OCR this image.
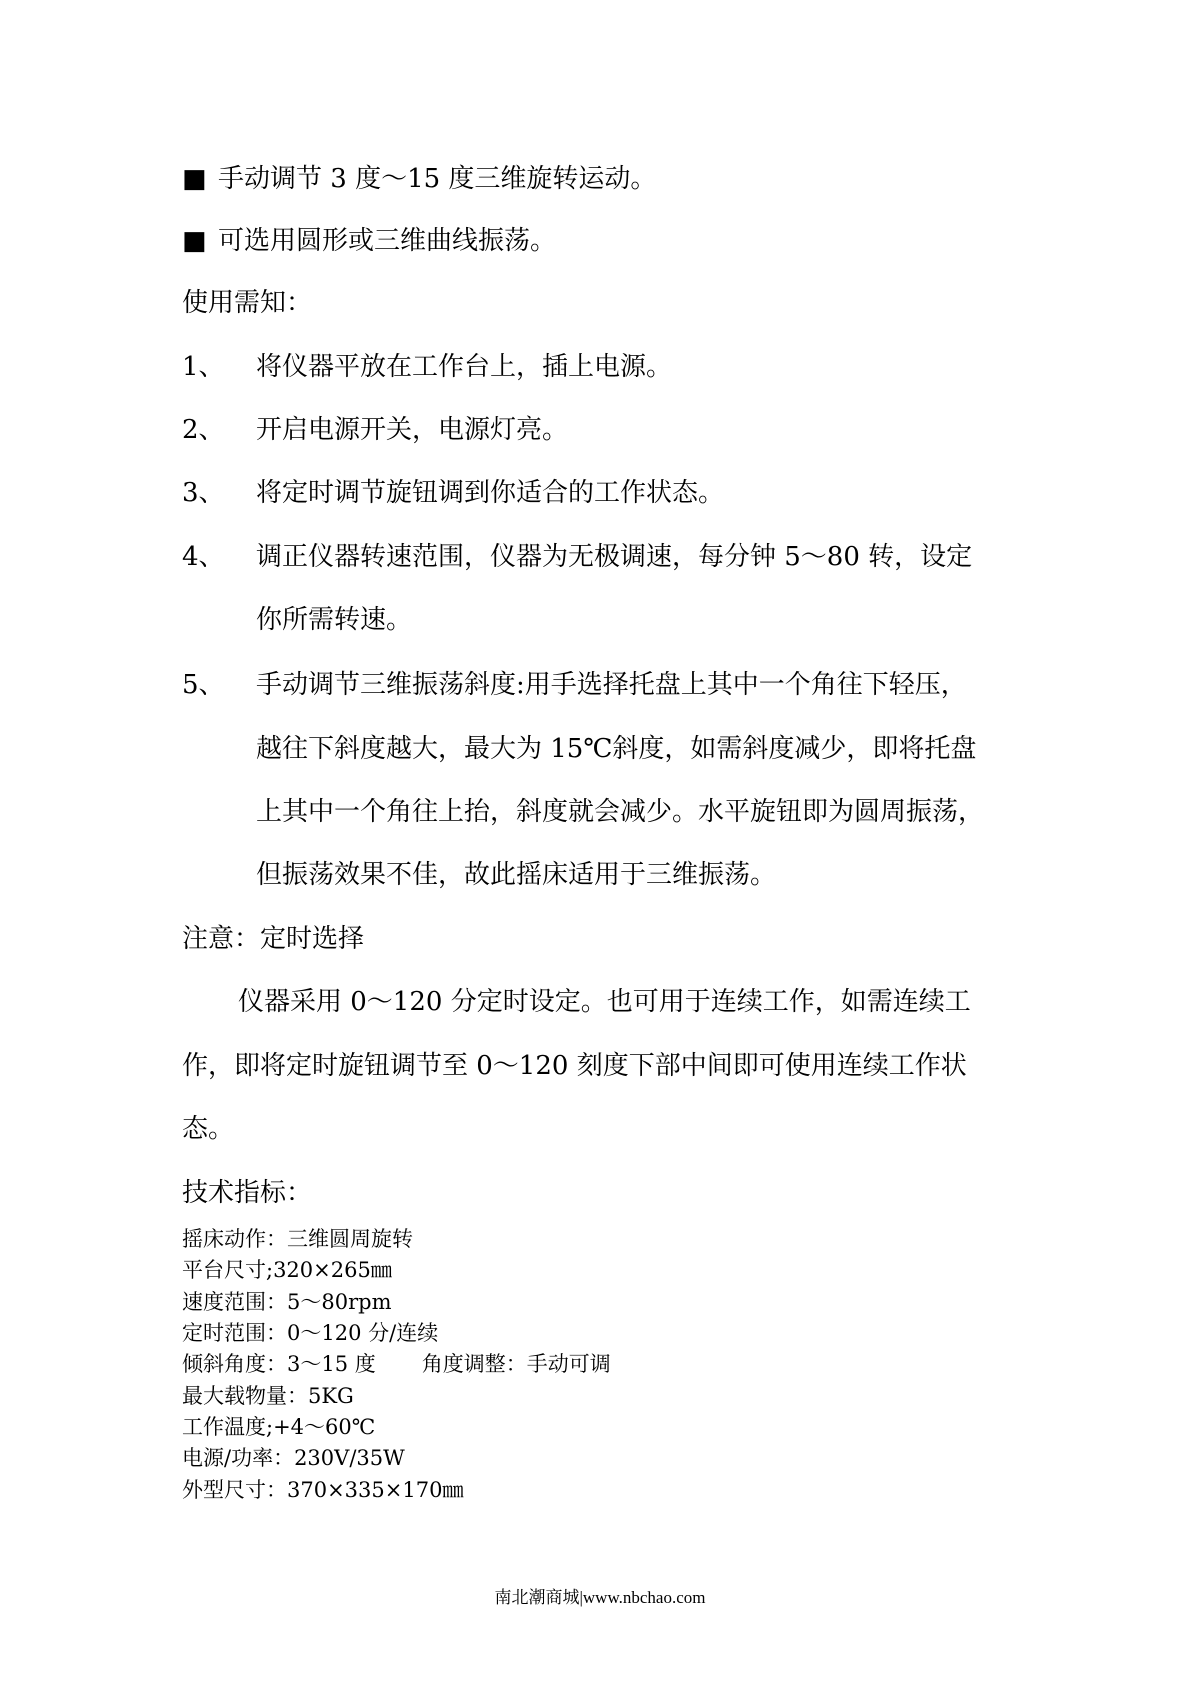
■ 手动调节 3 度～15 度三维旋转运动。
■ 可选用圆形或三维曲线振荡。
使用需知：
1、 将仪器平放在工作台上，插上电源。
2、 开启电源开关，电源灯亮。
3、 将定时调节旋钮调到你适合的工作状态。
4、 调正仪器转速范围，仪器为无极调速，每分钟 5～80 转，设定
你所需转速。
5、 手动调节三维振荡斜度:用手选择托盘上其中一个角往下轻压，
越往下斜度越大，最大为 15℃斜度，如需斜度减少，即将托盘
上其中一个角往上抬，斜度就会减少。水平旋钮即为圆周振荡，
但振荡效果不佳，故此摇床适用于三维振荡。
注意：定时选择
仪器采用 0～120 分定时设定。也可用于连续工作，如需连续工
作，即将定时旋钮调节至 0～120 刻度下部中间即可使用连续工作状
态。
技术指标：
摇床动作：三维圆周旋转
平台尺寸;320×265㎜
速度范围：5～80rpm
定时范围：0～120 分/连续
倾斜角度：3～15 度 角度调整：手动可调
最大载物量：5KG
工作温度;+4～60℃
电源/功率：230V/35W
外型尺寸：370×335×170㎜
南北潮商城|www.nbchao.com
